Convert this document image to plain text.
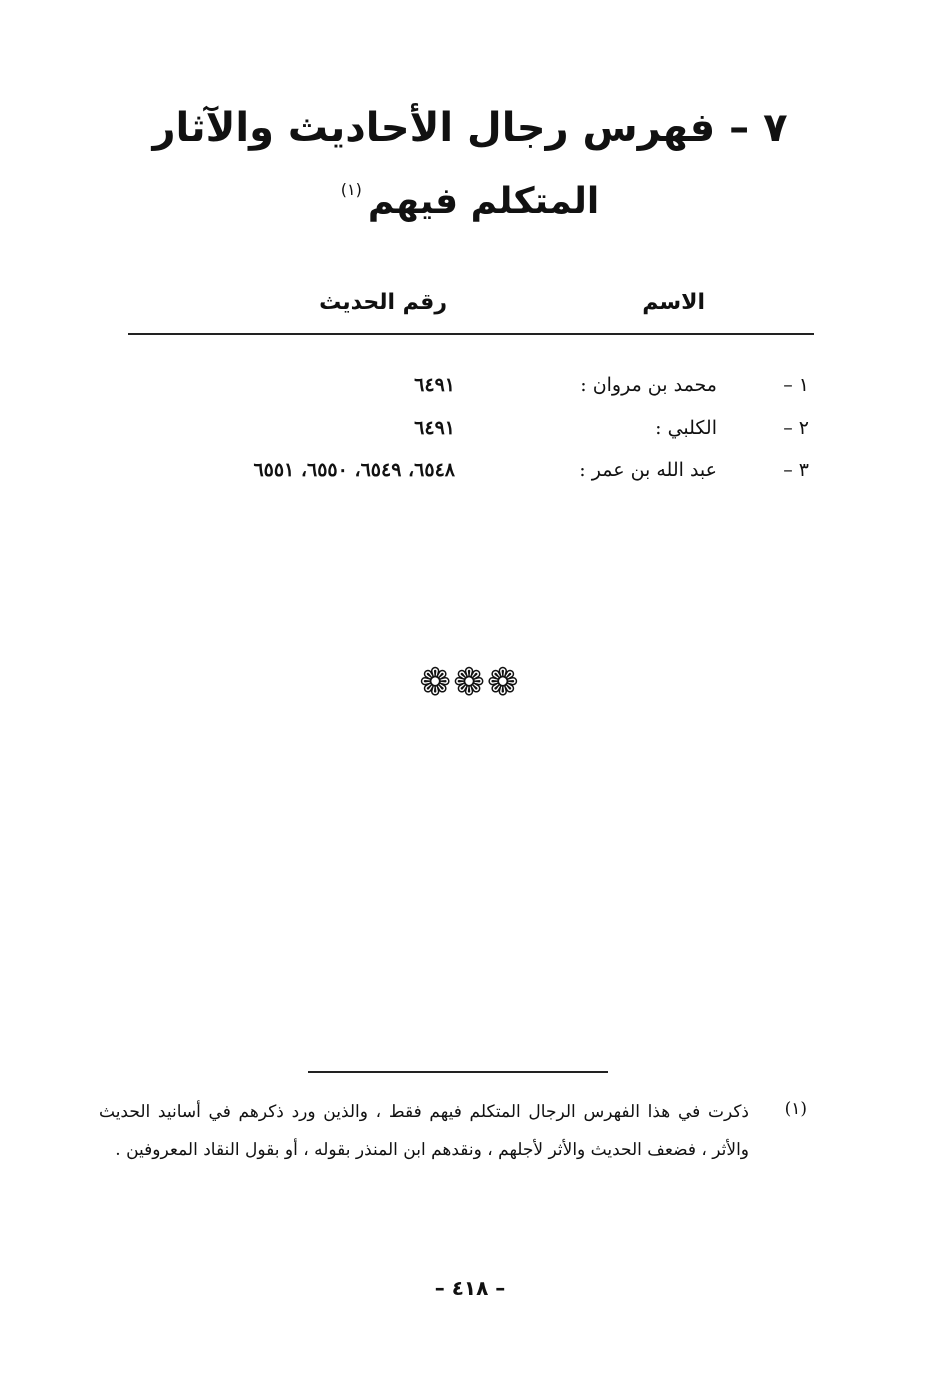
٧ – فهرس رجال الأحاديث والآثار
المتكلم فيهم$^{(١)}$
الاسم
رقم الحديث
١ –
محمد بن مروان :
٦٤٩١
٢ –
الكلبي :
٦٤٩١
٣ –
عبد الله بن عمر :
٦٥٤٨، ٦٥٤٩، ٦٥٥٠، ٦٥٥١
❁❁❁
(١)
ذكرت في هذا الفهرس الرجال المتكلم فيهم فقط ، والذين ورد ذكرهم في أسانيد الحديث والأثر ، فضعف الحديث والأثر لأجلهم ، ونقدهم ابن المنذر بقوله ، أو بقول النقاد المعروفين .
– ٤١٨ –
